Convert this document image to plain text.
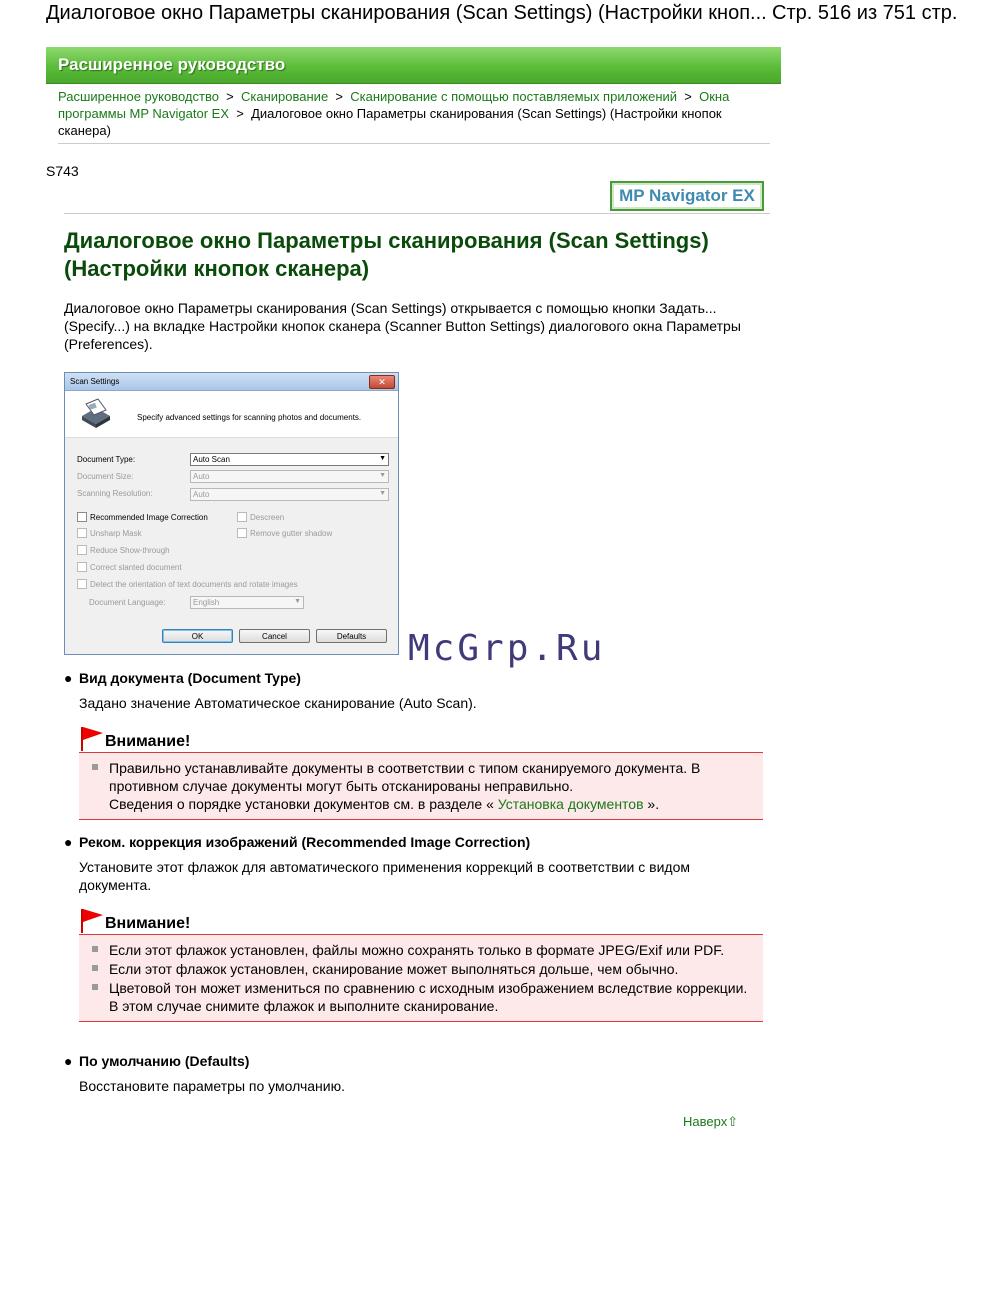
Диалоговое окно Параметры сканирования (Scan Settings) (Настройки кноп... Стр. 516 из 751 стр.
Расширенное руководство
Расширенное руководство  >  Сканирование  >  Сканирование с помощью поставляемых приложений  >  Окна программы MP Navigator EX  >  Диалоговое окно Параметры сканирования (Scan Settings) (Настройки кнопок сканера)
S743
MP Navigator EX
Диалоговое окно Параметры сканирования (Scan Settings) (Настройки кнопок сканера)
Диалоговое окно Параметры сканирования (Scan Settings) открывается с помощью кнопки Задать... (Specify...) на вкладке Настройки кнопок сканера (Scanner Button Settings) диалогового окна Параметры (Preferences).
Scan Settings	✕
Specify advanced settings for scanning photos and documents.
Document Type:	Auto Scan	▼
Document Size:	Auto	▼
Scanning Resolution:	Auto	▼
Recommended Image Correction	Descreen
Unsharp Mask	Remove gutter shadow
Reduce Show-through
Correct slanted document
Detect the orientation of text documents and rotate images
Document Language:	English	▼
OK	Cancel	Defaults	McGrp.Ru
● Вид документа (Document Type)
Задано значение Автоматическое сканирование (Auto Scan).
Внимание!
Правильно устанавливайте документы в соответствии с типом сканируемого документа. В противном случае документы могут быть отсканированы неправильно.
Сведения о порядке установки документов см. в разделе « Установка документов ».
● Реком. коррекция изображений (Recommended Image Correction)
Установите этот флажок для автоматического применения коррекций в соответствии с видом документа.
Внимание!
Если этот флажок установлен, файлы можно сохранять только в формате JPEG/Exif или PDF.
Если этот флажок установлен, сканирование может выполняться дольше, чем обычно.
Цветовой тон может измениться по сравнению с исходным изображением вследствие коррекции. В этом случае снимите флажок и выполните сканирование.
● По умолчанию (Defaults)
Восстановите параметры по умолчанию.
Наверх⇧
